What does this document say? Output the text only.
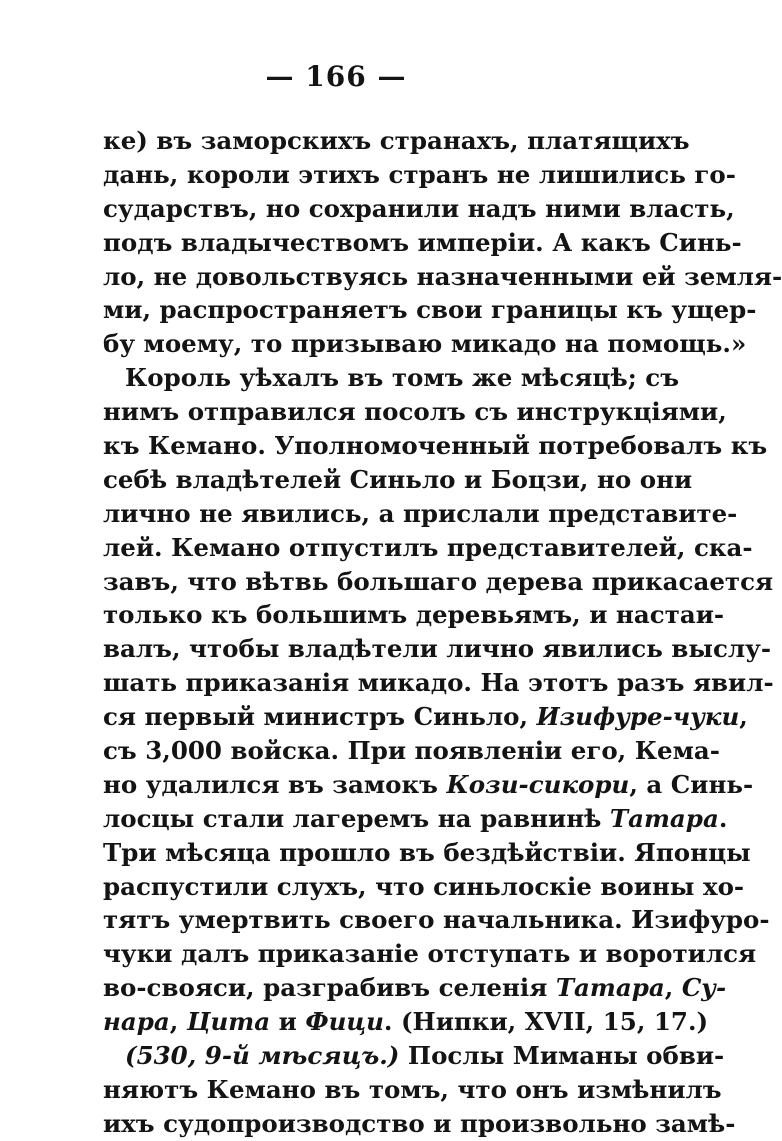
— 166 —
ке) въ заморскихъ странахъ, платящихъ
дань, короли этихъ странъ не лишились го-
сударствъ, но сохранили надъ ними власть,
подъ владычествомъ имперіи. А какъ Синь-
ло, не довольствуясь назначенными ей земля-
ми, распространяетъ свои границы къ ущер-
бу моему, то призываю микадо на помощь.»
Король уѣхалъ въ томъ же мѣсяцѣ; съ
нимъ отправился посолъ съ инструкціями,
къ Кемано. Уполномоченный потребовалъ къ
себѣ владѣтелей Синьло и Боцзи, но они
лично не явились, а прислали представите-
лей. Кемано отпустилъ представителей, ска-
завъ, что вѣтвь большаго дерева прикасается
только къ большимъ деревьямъ, и настаи-
валъ, чтобы владѣтели лично явились выслу-
шать приказанія микадо. На этотъ разъ явил-
ся первый министръ Синьло, Изифуре-чуки,
съ 3,000 войска. При появленіи его, Кема-
но удалился въ замокъ Кози-сикори, а Синь-
лосцы стали лагеремъ на равнинѣ Татара.
Три мѣсяца прошло въ бездѣйствіи. Японцы
распустили слухъ, что синьлоскіе воины хо-
тятъ умертвить своего начальника. Изифуро-
чуки далъ приказаніе отступать и воротился
во-свояси, разграбивъ селенія Татара, Су-
нара, Цита и Фици. (Нипки, XVII, 15, 17.)
(530, 9-й мѣсяцъ.) Послы Миманы обви-
няютъ Кемано въ томъ, что онъ измѣнилъ
ихъ судопроизводство и произвольно замѣ-
